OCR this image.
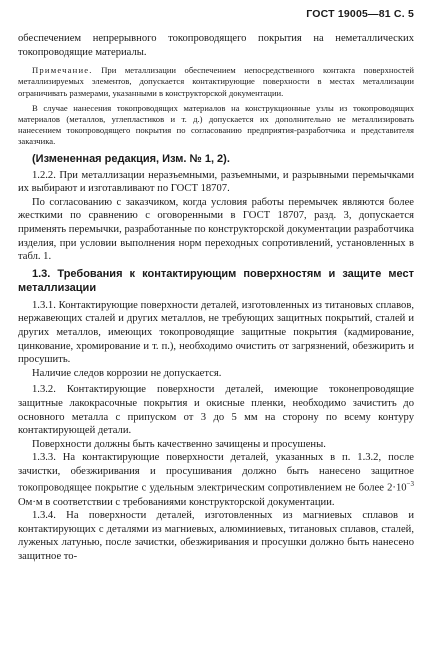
ГОСТ 19005—81 С. 5

обеспечением непрерывного токопроводящего покрытия на неметаллических токопроводящие материалы.

Примечание. При металлизации обеспечением непосредственного контакта поверхностей металлизируемых элементов, допускается контактирующие поверхности в местах металлизации ограничивать размерами, указанными в конструкторской документации.

В случае нанесения токопроводящих материалов на конструкционные узлы из токопроводящих материалов (металлов, углепластиков и т. д.) допускается их дополнительно не металлизировать нанесением токопроводящего покрытия по согласованию предприятия-разработчика и представителя заказчика.

(Измененная редакция, Изм. № 1, 2).

1.2.2. При металлизации неразъемными, разъемными, и разрывными перемычками их выбирают и изготавливают по ГОСТ 18707.

По согласованию с заказчиком, когда условия работы перемычек являются более жесткими по сравнению с оговоренными в ГОСТ 18707, разд. 3, допускается применять перемычки, разработанные по конструкторской документации разработчика изделия, при условии выполнения норм переходных сопротивлений, установленных в табл. 1.

1.3. Требования к контактирующим поверхностям и защите мест металлизации

1.3.1. Контактирующие поверхности деталей, изготовленных из титановых сплавов, нержавеющих сталей и других металлов, не требующих защитных покрытий, сталей и других металлов, имеющих токопроводящие защитные покрытия (кадмирование, цинкование, хромирование и т. п.), необходимо очистить от загрязнений, обезжирить и просушить.

Наличие следов коррозии не допускается.

1.3.2. Контактирующие поверхности деталей, имеющие токонепроводящие защитные лакокрасочные покрытия и окисные пленки, необходимо зачистить до основного металла с припуском от 3 до 5 мм на сторону по всему контуру контактирующей детали.

Поверхности должны быть качественно зачищены и просушены.

1.3.3. На контактирующие поверхности деталей, указанных в п. 1.3.2, после зачистки, обезжиривания и просушивания должно быть нанесено защитное токопроводящее покрытие с удельным электрическим сопротивлением не более $2\cdot 10^{-3}$ Ом·м в соответствии с требованиями конструкторской документации.

1.3.4. На поверхности деталей, изготовленных из магниевых сплавов и контактирующих с деталями из магниевых, алюминиевых, титановых сплавов, сталей, луженых латунью, после зачистки, обезжиривания и просушки должно быть нанесено защитное то-
